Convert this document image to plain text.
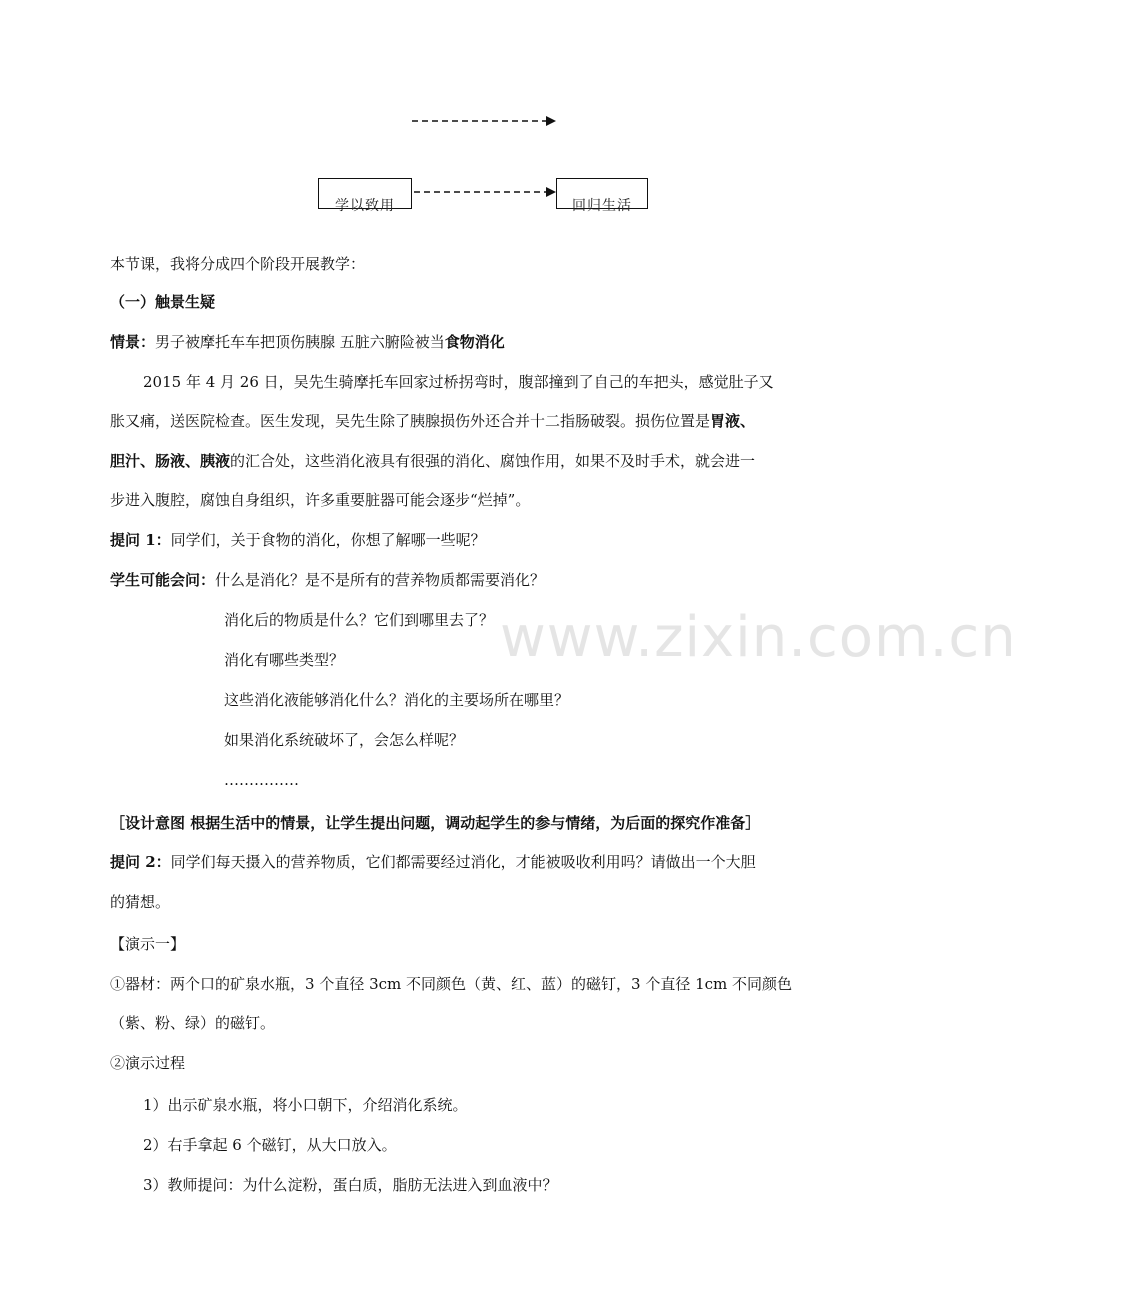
学以致用	回归生活
本节课，我将分成四个阶段开展教学：
（一）触景生疑
情景：男子被摩托车车把顶伤胰腺 五脏六腑险被当食物消化
2015 年 4 月 26 日，吴先生骑摩托车回家过桥拐弯时，腹部撞到了自己的车把头，感觉肚子又
胀又痛，送医院检查。医生发现，吴先生除了胰腺损伤外还合并十二指肠破裂。损伤位置是胃液、
胆汁、肠液、胰液的汇合处，这些消化液具有很强的消化、腐蚀作用，如果不及时手术，就会进一
步进入腹腔，腐蚀自身组织，许多重要脏器可能会逐步“烂掉”。
提问 1：同学们，关于食物的消化，你想了解哪一些呢？
学生可能会问：什么是消化？是不是所有的营养物质都需要消化？
消化后的物质是什么？它们到哪里去了？
消化有哪些类型？
这些消化液能够消化什么？消化的主要场所在哪里？
如果消化系统破坏了，会怎么样呢？
……………
［设计意图 根据生活中的情景，让学生提出问题，调动起学生的参与情绪，为后面的探究作准备］
提问 2：同学们每天摄入的营养物质，它们都需要经过消化，才能被吸收利用吗？请做出一个大胆
的猜想。
【演示一】
①器材：两个口的矿泉水瓶，3 个直径 3cm 不同颜色（黄、红、蓝）的磁钉，3 个直径 1cm 不同颜色
（紫、粉、绿）的磁钉。
②演示过程
1）出示矿泉水瓶，将小口朝下，介绍消化系统。
2）右手拿起 6 个磁钉，从大口放入。
3）教师提问：为什么淀粉，蛋白质，脂肪无法进入到血液中？
www.zixin.com.cn
